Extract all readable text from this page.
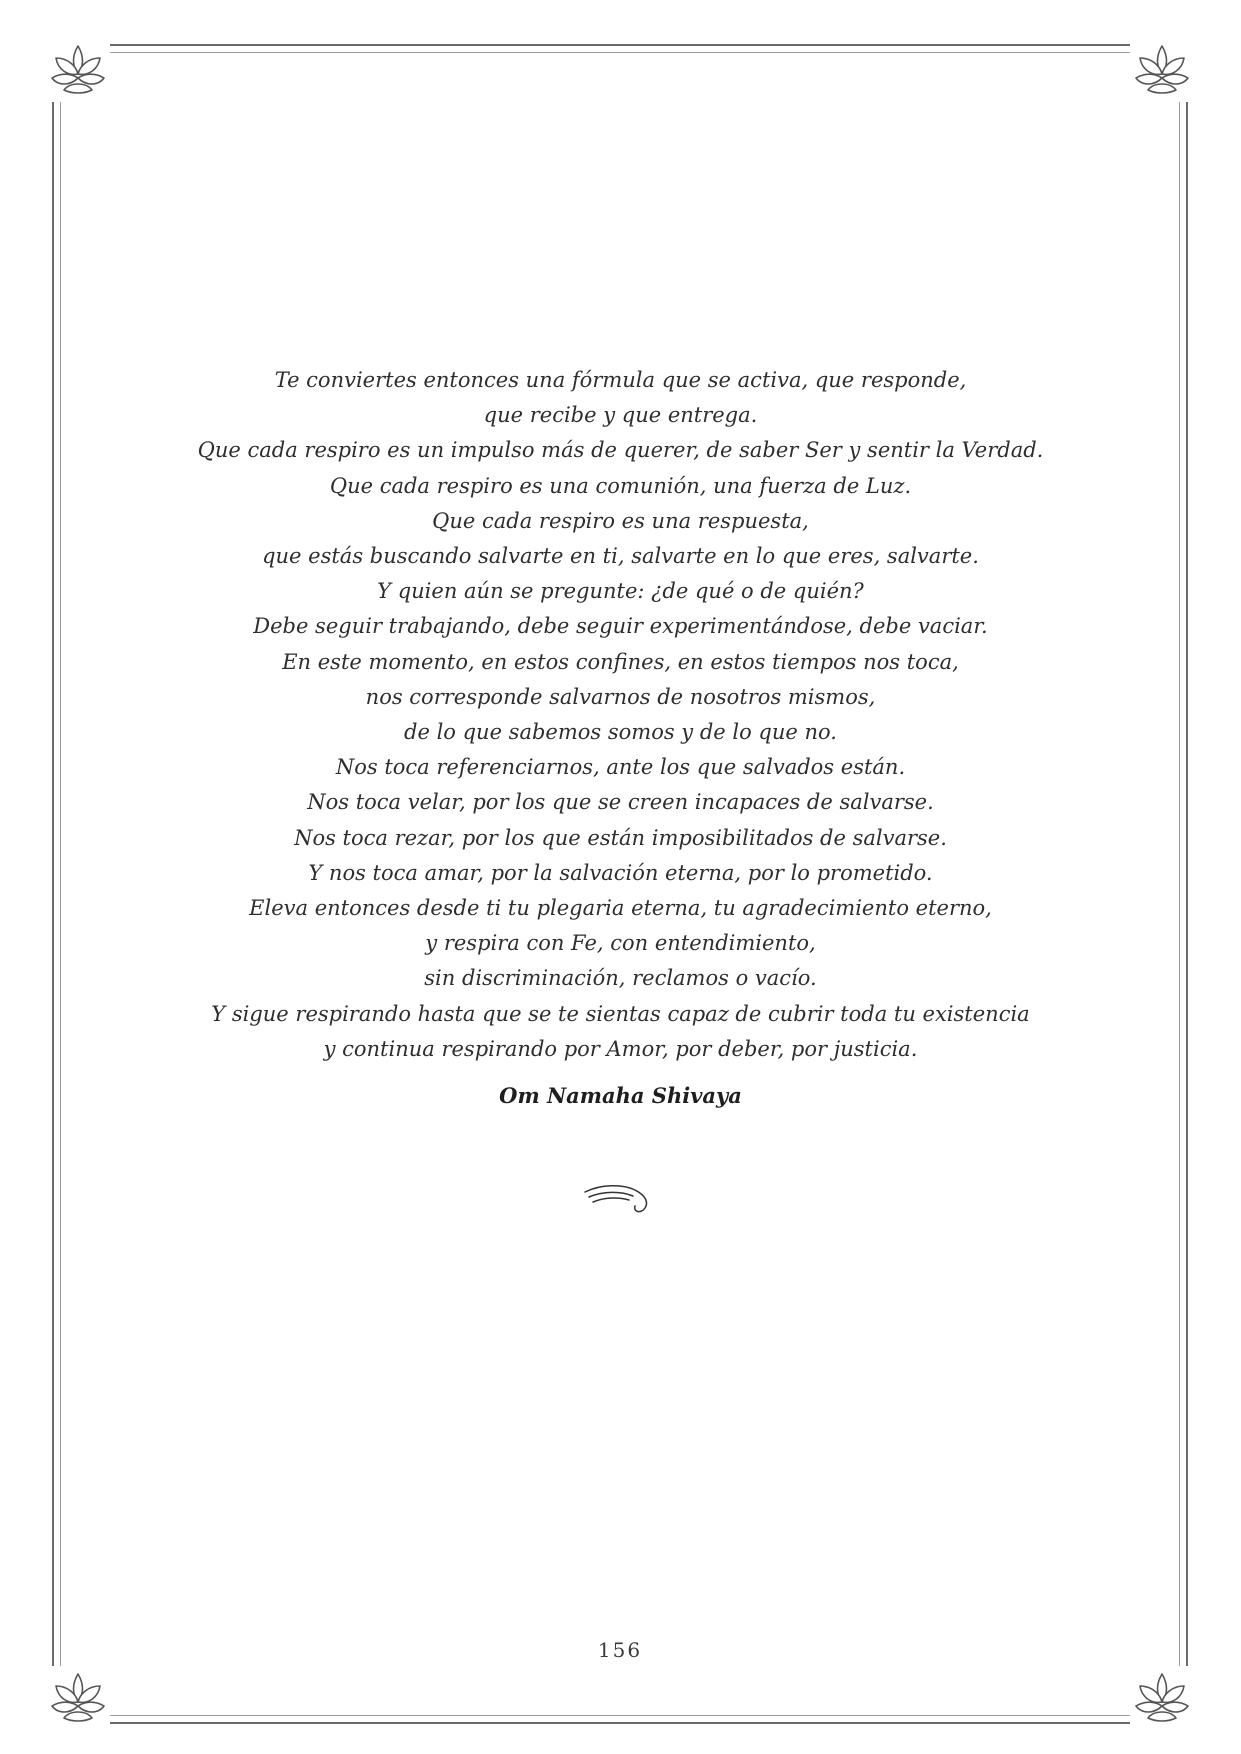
Te conviertes entonces una fórmula que se activa, que responde,
que recibe y que entrega.
Que cada respiro es un impulso más de querer, de saber Ser y sentir la Verdad.
Que cada respiro es una comunión, una fuerza de Luz.
Que cada respiro es una respuesta,
que estás buscando salvarte en ti, salvarte en lo que eres, salvarte.
Y quien aún se pregunte: ¿de qué o de quién?
Debe seguir trabajando, debe seguir experimentándose, debe vaciar.
En este momento, en estos confines, en estos tiempos nos toca,
nos corresponde salvarnos de nosotros mismos,
de lo que sabemos somos y de lo que no.
Nos toca referenciarnos, ante los que salvados están.
Nos toca velar, por los que se creen incapaces de salvarse.
Nos toca rezar, por los que están imposibilitados de salvarse.
Y nos toca amar, por la salvación eterna, por lo prometido.
Eleva entonces desde ti tu plegaria eterna, tu agradecimiento eterno,
y respira con Fe, con entendimiento,
sin discriminación, reclamos o vacío.
Y sigue respirando hasta que se te sientas capaz de cubrir toda tu existencia
y continua respirando por Amor, por deber, por justicia.
Om Namaha Shivaya
156
